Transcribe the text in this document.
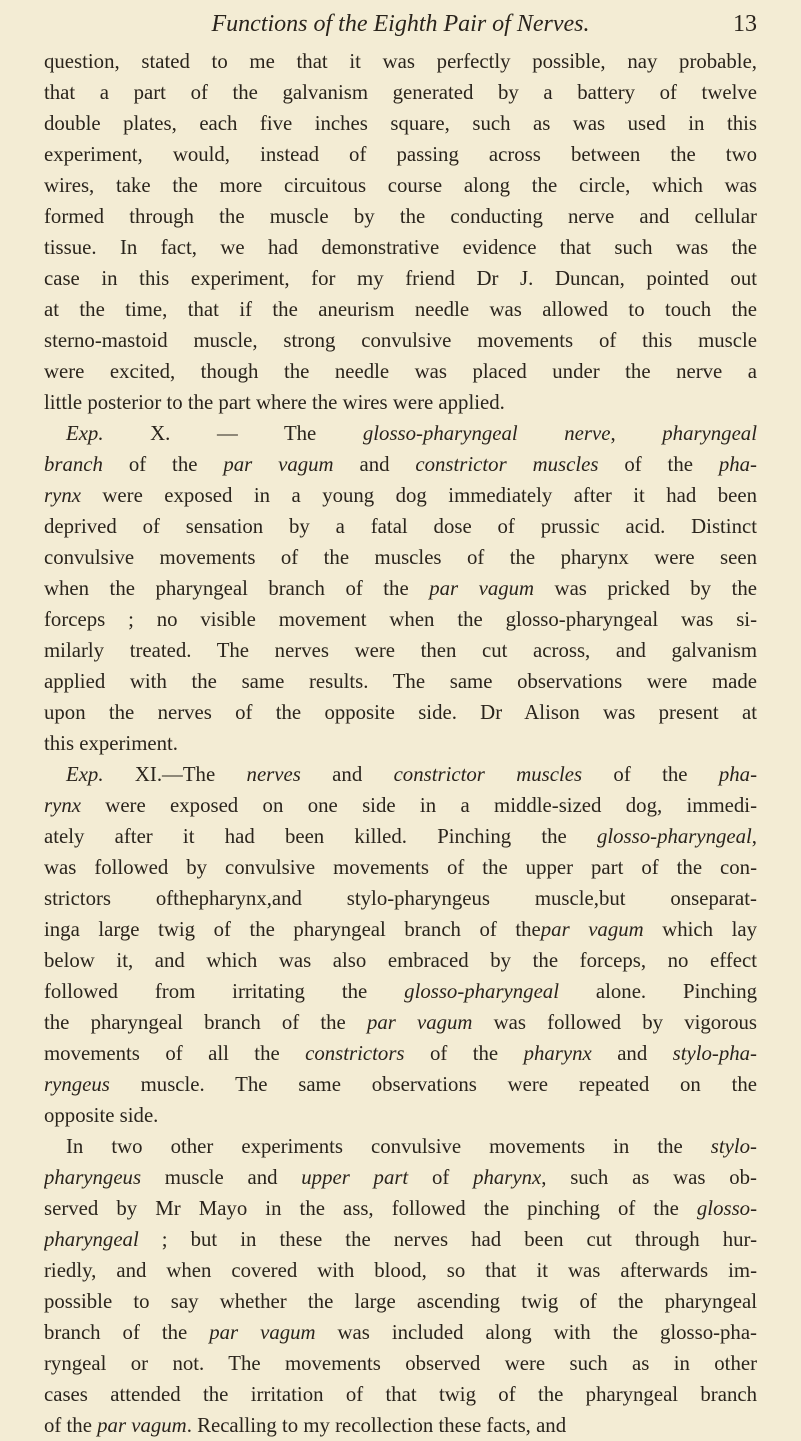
Functions of the Eighth Pair of Nerves.	13
question, stated to me that it was perfectly possible, nay probable,
that a part of the galvanism generated by a battery of twelve
double plates, each five inches square, such as was used in this
experiment, would, instead of passing across between the two
wires, take the more circuitous course along the circle, which was
formed through the muscle by the conducting nerve and cellular
tissue. In fact, we had demonstrative evidence that such was the
case in this experiment, for my friend Dr J. Duncan, pointed out
at the time, that if the aneurism needle was allowed to touch the
sterno-mastoid muscle, strong convulsive movements of this muscle
were excited, though the needle was placed under the nerve a
little posterior to the part where the wires were applied.
Exp. X. — The glosso-pharyngeal nerve, pharyngeal
branch of the par vagum and constrictor muscles of the pha-
rynx were exposed in a young dog immediately after it had been
deprived of sensation by a fatal dose of prussic acid. Distinct
convulsive movements of the muscles of the pharynx were seen
when the pharyngeal branch of the par vagum was pricked by the
forceps ; no visible movement when the glosso-pharyngeal was si-
milarly treated. The nerves were then cut across, and galvanism
applied with the same results. The same observations were made
upon the nerves of the opposite side. Dr Alison was present at
this experiment.
Exp. XI.—The nerves and constrictor muscles of the pha-
rynx were exposed on one side in a middle-sized dog, immedi-
ately after it had been killed. Pinching the glosso-pharyngeal,
was followed by convulsive movements of the upper part of the con-
strictors ofthepharynx,and stylo-pharyngeus muscle,but onseparat-
inga large twig of the pharyngeal branch of thepar vagum which lay
below it, and which was also embraced by the forceps, no effect
followed from irritating the glosso-pharyngeal alone. Pinching
the pharyngeal branch of the par vagum was followed by vigorous
movements of all the constrictors of the pharynx and stylo-pha-
ryngeus muscle. The same observations were repeated on the
opposite side.
In two other experiments convulsive movements in the stylo-
pharyngeus muscle and upper part of pharynx, such as was ob-
served by Mr Mayo in the ass, followed the pinching of the glosso-
pharyngeal ; but in these the nerves had been cut through hur-
riedly, and when covered with blood, so that it was afterwards im-
possible to say whether the large ascending twig of the pharyngeal
branch of the par vagum was included along with the glosso-pha-
ryngeal or not. The movements observed were such as in other
cases attended the irritation of that twig of the pharyngeal branch
of the par vagum. Recalling to my recollection these facts, and
